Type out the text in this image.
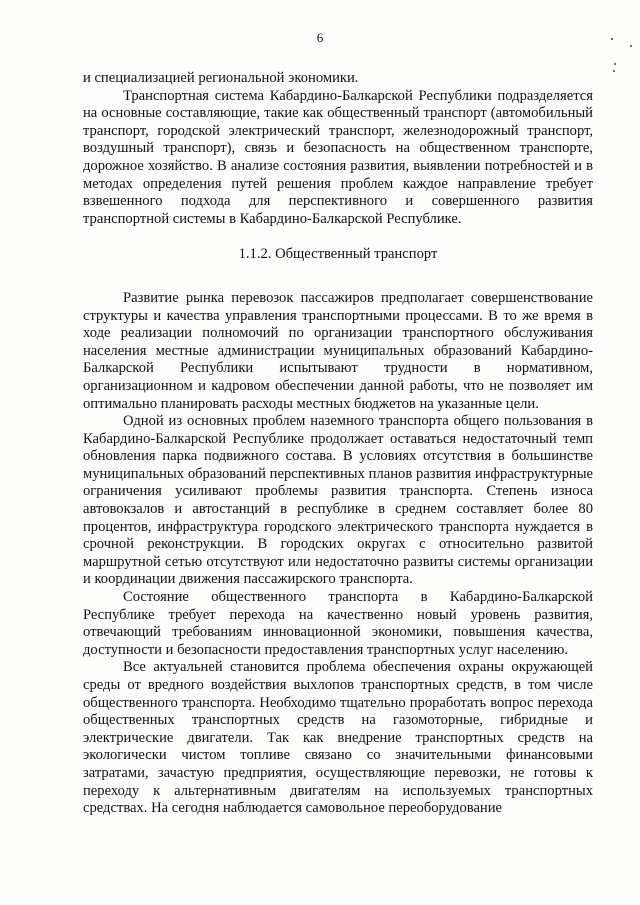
6

и специализацией региональной экономики.

Транспортная система Кабардино-Балкарской Республики подразделяется на основные составляющие, такие как общественный транспорт (автомобильный транспорт, городской электрический транспорт, железнодорожный транспорт, воздушный транспорт), связь и безопасность на общественном транспорте, дорожное хозяйство. В анализе состояния развития, выявлении потребностей и в методах определения путей решения проблем каждое направление требует взвешенного подхода для перспективного и совершенного развития транспортной системы в Кабардино-Балкарской Республике.

1.1.2. Общественный транспорт

Развитие рынка перевозок пассажиров предполагает совершенствование структуры и качества управления транспортными процессами. В то же время в ходе реализации полномочий по организации транспортного обслуживания населения местные администрации муниципальных образований Кабардино-Балкарской Республики испытывают трудности в нормативном, организационном и кадровом обеспечении данной работы, что не позволяет им оптимально планировать расходы местных бюджетов на указанные цели.

Одной из основных проблем наземного транспорта общего пользования в Кабардино-Балкарской Республике продолжает оставаться недостаточный темп обновления парка подвижного состава. В условиях отсутствия в большинстве муниципальных образований перспективных планов развития инфраструктурные ограничения усиливают проблемы развития транспорта. Степень износа автовокзалов и автостанций в республике в среднем составляет более 80 процентов, инфраструктура городского электрического транспорта нуждается в срочной реконструкции. В городских округах с относительно развитой маршрутной сетью отсутствуют или недостаточно развиты системы организации и координации движения пассажирского транспорта.

Состояние общественного транспорта в Кабардино-Балкарской Республике требует перехода на качественно новый уровень развития, отвечающий требованиям инновационной экономики, повышения качества, доступности и безопасности предоставления транспортных услуг населению.

Все актуальней становится проблема обеспечения охраны окружающей среды от вредного воздействия выхлопов транспортных средств, в том числе общественного транспорта. Необходимо тщательно проработать вопрос перехода общественных транспортных средств на газомоторные, гибридные и электрические двигатели. Так как внедрение транспортных средств на экологически чистом топливе связано со значительными финансовыми затратами, зачастую предприятия, осуществляющие перевозки, не готовы к переходу к альтернативным двигателям на используемых транспортных средствах. На сегодня наблюдается самовольное переоборудование
